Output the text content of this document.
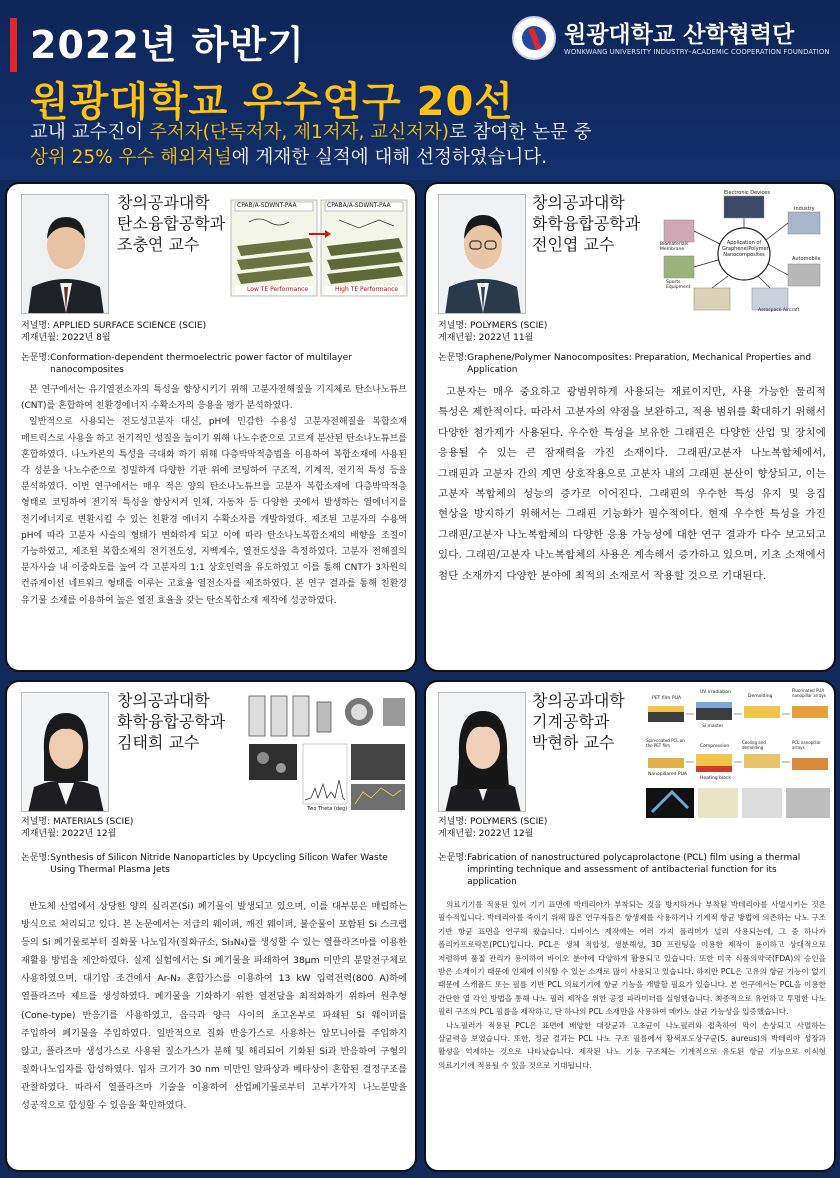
2022년 하반기
원광대학교 우수연구 20선
교내 교수진이 주저자(단독저자, 제1저자, 교신저자)로 참여한 논문 중
상위 25% 우수 해외저널에 게재한 실적에 대해 선정하였습니다.
원광대학교 산학협력단
WONKWANG UNIVERSITY INDUSTRY–ACADEMIC COOPERATION FOUNDATION
창의공과대학
탄소융합공학과
조충연 교수
CPAB/A-SDWNT-PAA	CPABA/A-SDWNT-PAA
Low TE Performance	High TE Performance
저널명: APPLIED SURFACE SCIENCE (SCIE)
게재년월: 2022년 8월
논문명: Conformation-dependent thermoelectric power factor of multilayer nanocomposites

본 연구에서는 유기열전소자의 특성을 향상시키기 위해 고분자전해질을 기지체로 탄소나노튜브(CNT)를 혼합하여 친환경에너지 수확소자의 응용을 평가 분석하였다.

일반적으로 사용되는 전도성고분자 대신, pH에 민감한 수용성 고분자전해질을 복합소재 매트릭스로 사용을 하고 전기적인 성질을 높이기 위해 나노수준으로 고르게 분산된 탄소나노튜브를 혼합하였다. 나노카본의 특성을 극대화 하기 위해 다층박막적층법을 이용하여 복합소재에 사용된 각 성분을 나노수준으로 정밀하게 다양한 기판 위에 코팅하여 구조적, 기계적, 전기적 특성 등을 분석하였다. 이번 연구에서는 매우 적은 양의 탄소나노튜브를 고분자 복합소재에 다층박막적층 형태로 코팅하여 전기적 특성을 향상시켜 인체, 자동차 등 다양한 곳에서 발생하는 열에너지를 전기에너지로 변환시킬 수 있는 친환경 에너지 수확소자를 개발하였다. 제조된 고분자의 수용액 pH에 따라 고분자 사슬의 형태가 변화하게 되고 이에 따라 탄소나노복합소재의 배향을 조절이 가능하였고, 제조된 복합소재의 전기전도성, 지벡계수, 열전도성을 측정하였다. 고분자 전해질의 분자사슬 내 이중화도를 높여 각 고분자의 1:1 상호인력을 유도하였고 이를 통해 CNT가 3차원의 컨쥬게이션 네트워크 형태를 이루는 고효율 열전소자를 제조하였다. 본 연구 결과를 통해 친환경 유기물 소재를 이용하여 높은 열전 효율을 갖는 탄소복합소재 제작에 성공하였다.

창의공과대학
화학융합공학과
전인엽 교수	Application of Graphene/Polymer Nanocomposites
Electronic Devices
Industry
Biomaterials Membrane
Automobile
Sports Equipment
Aerospace Aircraft
저널명: POLYMERS (SCIE)
게재년월: 2022년 11월
논문명: Graphene/Polymer Nanocomposites: Preparation, Mechanical Properties and Application

고분자는 매우 중요하고 광범위하게 사용되는 재료이지만, 사용 가능한 물리적 특성은 제한적이다. 따라서 고분자의 약점을 보완하고, 적용 범위를 확대하기 위해서 다양한 첨가제가 사용된다. 우수한 특성을 보유한 그래핀은 다양한 산업 및 장치에 응용될 수 있는 큰 잠재력을 가진 소재이다. 그래핀/고분자 나노복합체에서, 그래핀과 고분자 간의 계면 상호작용으로 고분자 내의 그래핀 분산이 향상되고, 이는 고분자 복합체의 성능의 증가로 이어진다. 그래핀의 우수한 특성 유지 및 응집 현상을 방지하기 위해서는 그래핀 기능화가 필수적이다. 현재 우수한 특성을 가진 그래핀/고분자 나노복합체의 다양한 응용 가능성에 대한 연구 결과가 다수 보고되고 있다. 그래핀/고분자 나노복합체의 사용은 계속해서 증가하고 있으며, 기초 소재에서 첨단 소재까지 다양한 분야에 최적의 소재로서 작용할 것으로 기대된다.

창의공과대학
화학융합공학과
김태희 교수
Two Theta (deg)
저널명: MATERIALS (SCIE)
게재년월: 2022년 12월
논문명: Synthesis of Silicon Nitride Nanoparticles by Upcycling Silicon Wafer Waste Using Thermal Plasma Jets

반도체 산업에서 상당한 양의 실리콘(Si) 폐기물이 발생되고 있으며, 이를 대부분은 매립하는 방식으로 처리되고 있다. 본 논문에서는 저급의 웨이퍼, 깨진 웨이퍼, 불순물이 포함된 Si 스크랩 등의 Si 폐기물로부터 질화물 나노입자(질화규소, Si₃N₄)를 생성할 수 있는 열플라즈마를 이용한 재활용 방법을 제안하였다. 실제 실험에서는 Si 폐기물을 파쇄하여 38μm 미만의 분말전구체로 사용하였으며, 대기압 조건에서 Ar-N₂ 혼합가스를 이용하여 13 kW 입력전력(800 A)하에 열플라즈마 제트를 생성하였다. 폐기물을 기화하기 위한 열전달을 최적화하기 위하여 원추형(Cone-type) 반응기를 사용하였고, 음극과 양극 사이의 초고온부로 파쇄된 Si 웨이퍼를 주입하여 폐기물을 주입하였다. 일반적으로 질화 반응가스로 사용하는 암모니아를 주입하지 않고, 플라즈마 생성가스로 사용된 질소가스가 분해 및 해리되어 기화된 Si과 반응하여 구형의 질화나노입자를 합성하였다. 입자 크기가 30 nm 미만인 알파상과 베타상이 혼합된 결정구조를 관찰하였다. 따라서 열플라즈마 기술을 이용하여 산업폐기물로부터 고부가가치 나노분말을 성공적으로 합성할 수 있음을 확인하였다.

창의공과대학
기계공학과
박현하 교수
PET film PUA
UV irradiation
Demolding
Fluorinated PUA nanopillar arrays
Si master
Spin-coated PCL on the PET film	Compression
Cooling and demolding
PCL nanopillar arrays
Nanopillared PUA
Heating block
저널명: POLYMERS (SCIE)
게재년월: 2022년 12월
논문명: Fabrication of nanostructured polycaprolactone (PCL) film using a thermal imprinting technique and assessment of antibacterial function for its application

의료기기를 적용된 있어 기기 표면에 박테리아가 부착되는 것을 방지하거나 부착된 박테리아를 사멸시키는 것은 필수적입니다. 박테리아를 죽이기 위해 많은 연구자들은 항생제를 사용하거나 기계적 항균 방법에 의존하는 나노 구조 기반 항균 표면을 연구해 왔습니다. 디바이스 제작에는 여러 가지 폴리머가 널리 사용되는데, 그 중 하나가 폴리카프로락톤(PCL)입니다. PCL은 생체 적합성, 생분해성, 3D 프린팅을 이용한 제작이 용이하고 상대적으로 저렴하며 품질 관리가 용이하여 바이오 분야에 다양하게 활용되고 있습니다. 또한 미국 식품의약국(FDA)의 승인을 받은 소재이기 때문에 인체에 이식할 수 있는 소재로 많이 사용되고 있습니다. 하지만 PCL은 고유의 항균 기능이 없기 때문에 스캐폴드 또는 필름 기반 PCL 의료기기에 항균 기능을 개발할 필요가 있습니다. 본 연구에서는 PCL을 이용한 간단한 열 각인 방법을 통해 나노 필러 제작을 위한 공정 파라미터를 실험했습니다. 최종적으로 유연하고 투명한 나노 필러 구조의 PCL 필름을 제작하고, 단 하나의 PCL 소재만을 사용하여 메카노 살균 가능성을 입증했습니다.

나노필러가 적용된 PCL은 표면에 배양한 대장균과 고초균이 나노필러와 접촉하여 막이 손상되고 사멸하는 살균력을 보였습니다. 또한, 정균 결과는 PCL 나노 구조 필름에서 황색포도상구균(S. aureus)의 박테리아 성장과 활성을 억제하는 것으로 나타났습니다. 제작된 나노 기둥 구조체는 기계적으로 유도된 항균 기능으로 이식형 의료기기에 적용될 수 있을 것으로 기대됩니다.
